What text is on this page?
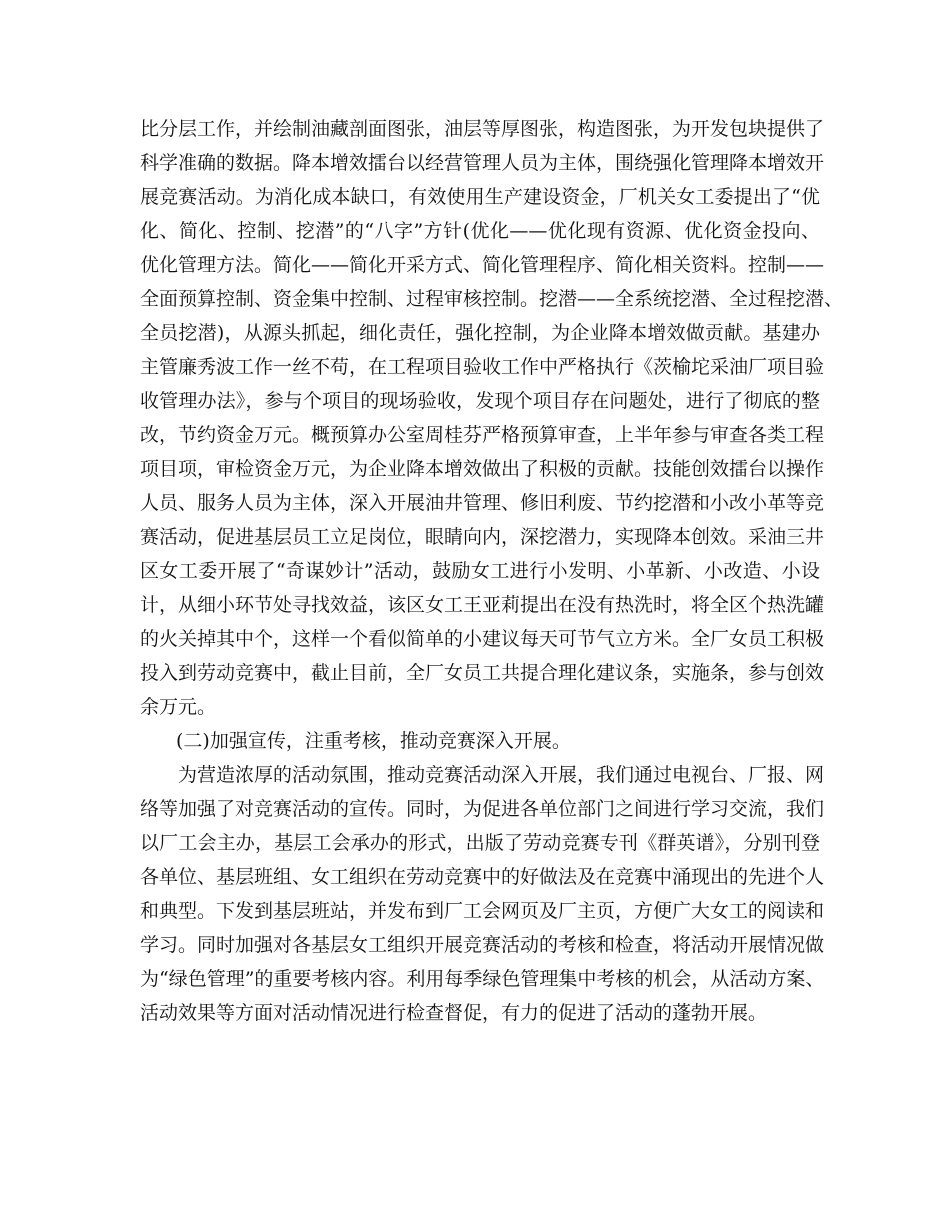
比分层工作，并绘制油藏剖面图张，油层等厚图张，构造图张，为开发包块提供了
科学准确的数据。降本增效擂台以经营管理人员为主体，围绕强化管理降本增效开
展竞赛活动。为消化成本缺口，有效使用生产建设资金，厂机关女工委提出了“优
化、简化、控制、挖潜”的“八字”方针(优化——优化现有资源、优化资金投向、
优化管理方法。简化——简化开采方式、简化管理程序、简化相关资料。控制——
全面预算控制、资金集中控制、过程审核控制。挖潜——全系统挖潜、全过程挖潜、
全员挖潜)，从源头抓起，细化责任，强化控制，为企业降本增效做贡献。基建办
主管廉秀波工作一丝不苟，在工程项目验收工作中严格执行《茨榆坨采油厂项目验
收管理办法》，参与个项目的现场验收，发现个项目存在问题处，进行了彻底的整
改，节约资金万元。概预算办公室周桂芬严格预算审查，上半年参与审查各类工程
项目项，审检资金万元，为企业降本增效做出了积极的贡献。技能创效擂台以操作
人员、服务人员为主体，深入开展油井管理、修旧利废、节约挖潜和小改小革等竞
赛活动，促进基层员工立足岗位，眼睛向内，深挖潜力，实现降本创效。采油三井
区女工委开展了“奇谋妙计”活动，鼓励女工进行小发明、小革新、小改造、小设
计，从细小环节处寻找效益，该区女工王亚莉提出在没有热洗时，将全区个热洗罐
的火关掉其中个，这样一个看似简单的小建议每天可节气立方米。全厂女员工积极
投入到劳动竞赛中，截止目前，全厂女员工共提合理化建议条，实施条，参与创效
余万元。
(二)加强宣传，注重考核，推动竞赛深入开展。
为营造浓厚的活动氛围，推动竞赛活动深入开展，我们通过电视台、厂报、网
络等加强了对竞赛活动的宣传。同时，为促进各单位部门之间进行学习交流，我们
以厂工会主办，基层工会承办的形式，出版了劳动竞赛专刊《群英谱》，分别刊登
各单位、基层班组、女工组织在劳动竞赛中的好做法及在竞赛中涌现出的先进个人
和典型。下发到基层班站，并发布到厂工会网页及厂主页，方便广大女工的阅读和
学习。同时加强对各基层女工组织开展竞赛活动的考核和检查，将活动开展情况做
为“绿色管理”的重要考核内容。利用每季绿色管理集中考核的机会，从活动方案、
活动效果等方面对活动情况进行检查督促，有力的促进了活动的蓬勃开展。
